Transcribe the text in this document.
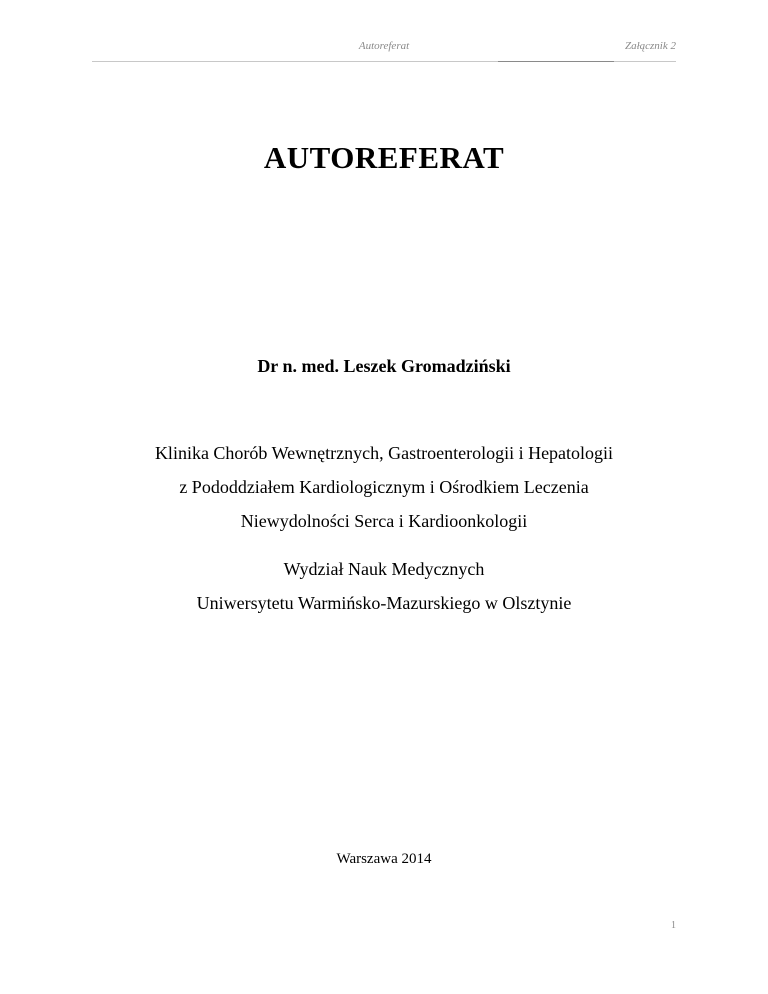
Autoreferat	Załącznik 2
AUTOREFERAT

Dr n. med. Leszek Gromadziński

Klinika Chorób Wewnętrznych, Gastroenterologii i Hepatologii
z Pododdziałem Kardiologicznym i Ośrodkiem Leczenia
Niewydolności Serca i Kardioonkologii

Wydział Nauk Medycznych
Uniwersytetu Warmińsko-Mazurskiego w Olsztynie

Warszawa 2014

1
